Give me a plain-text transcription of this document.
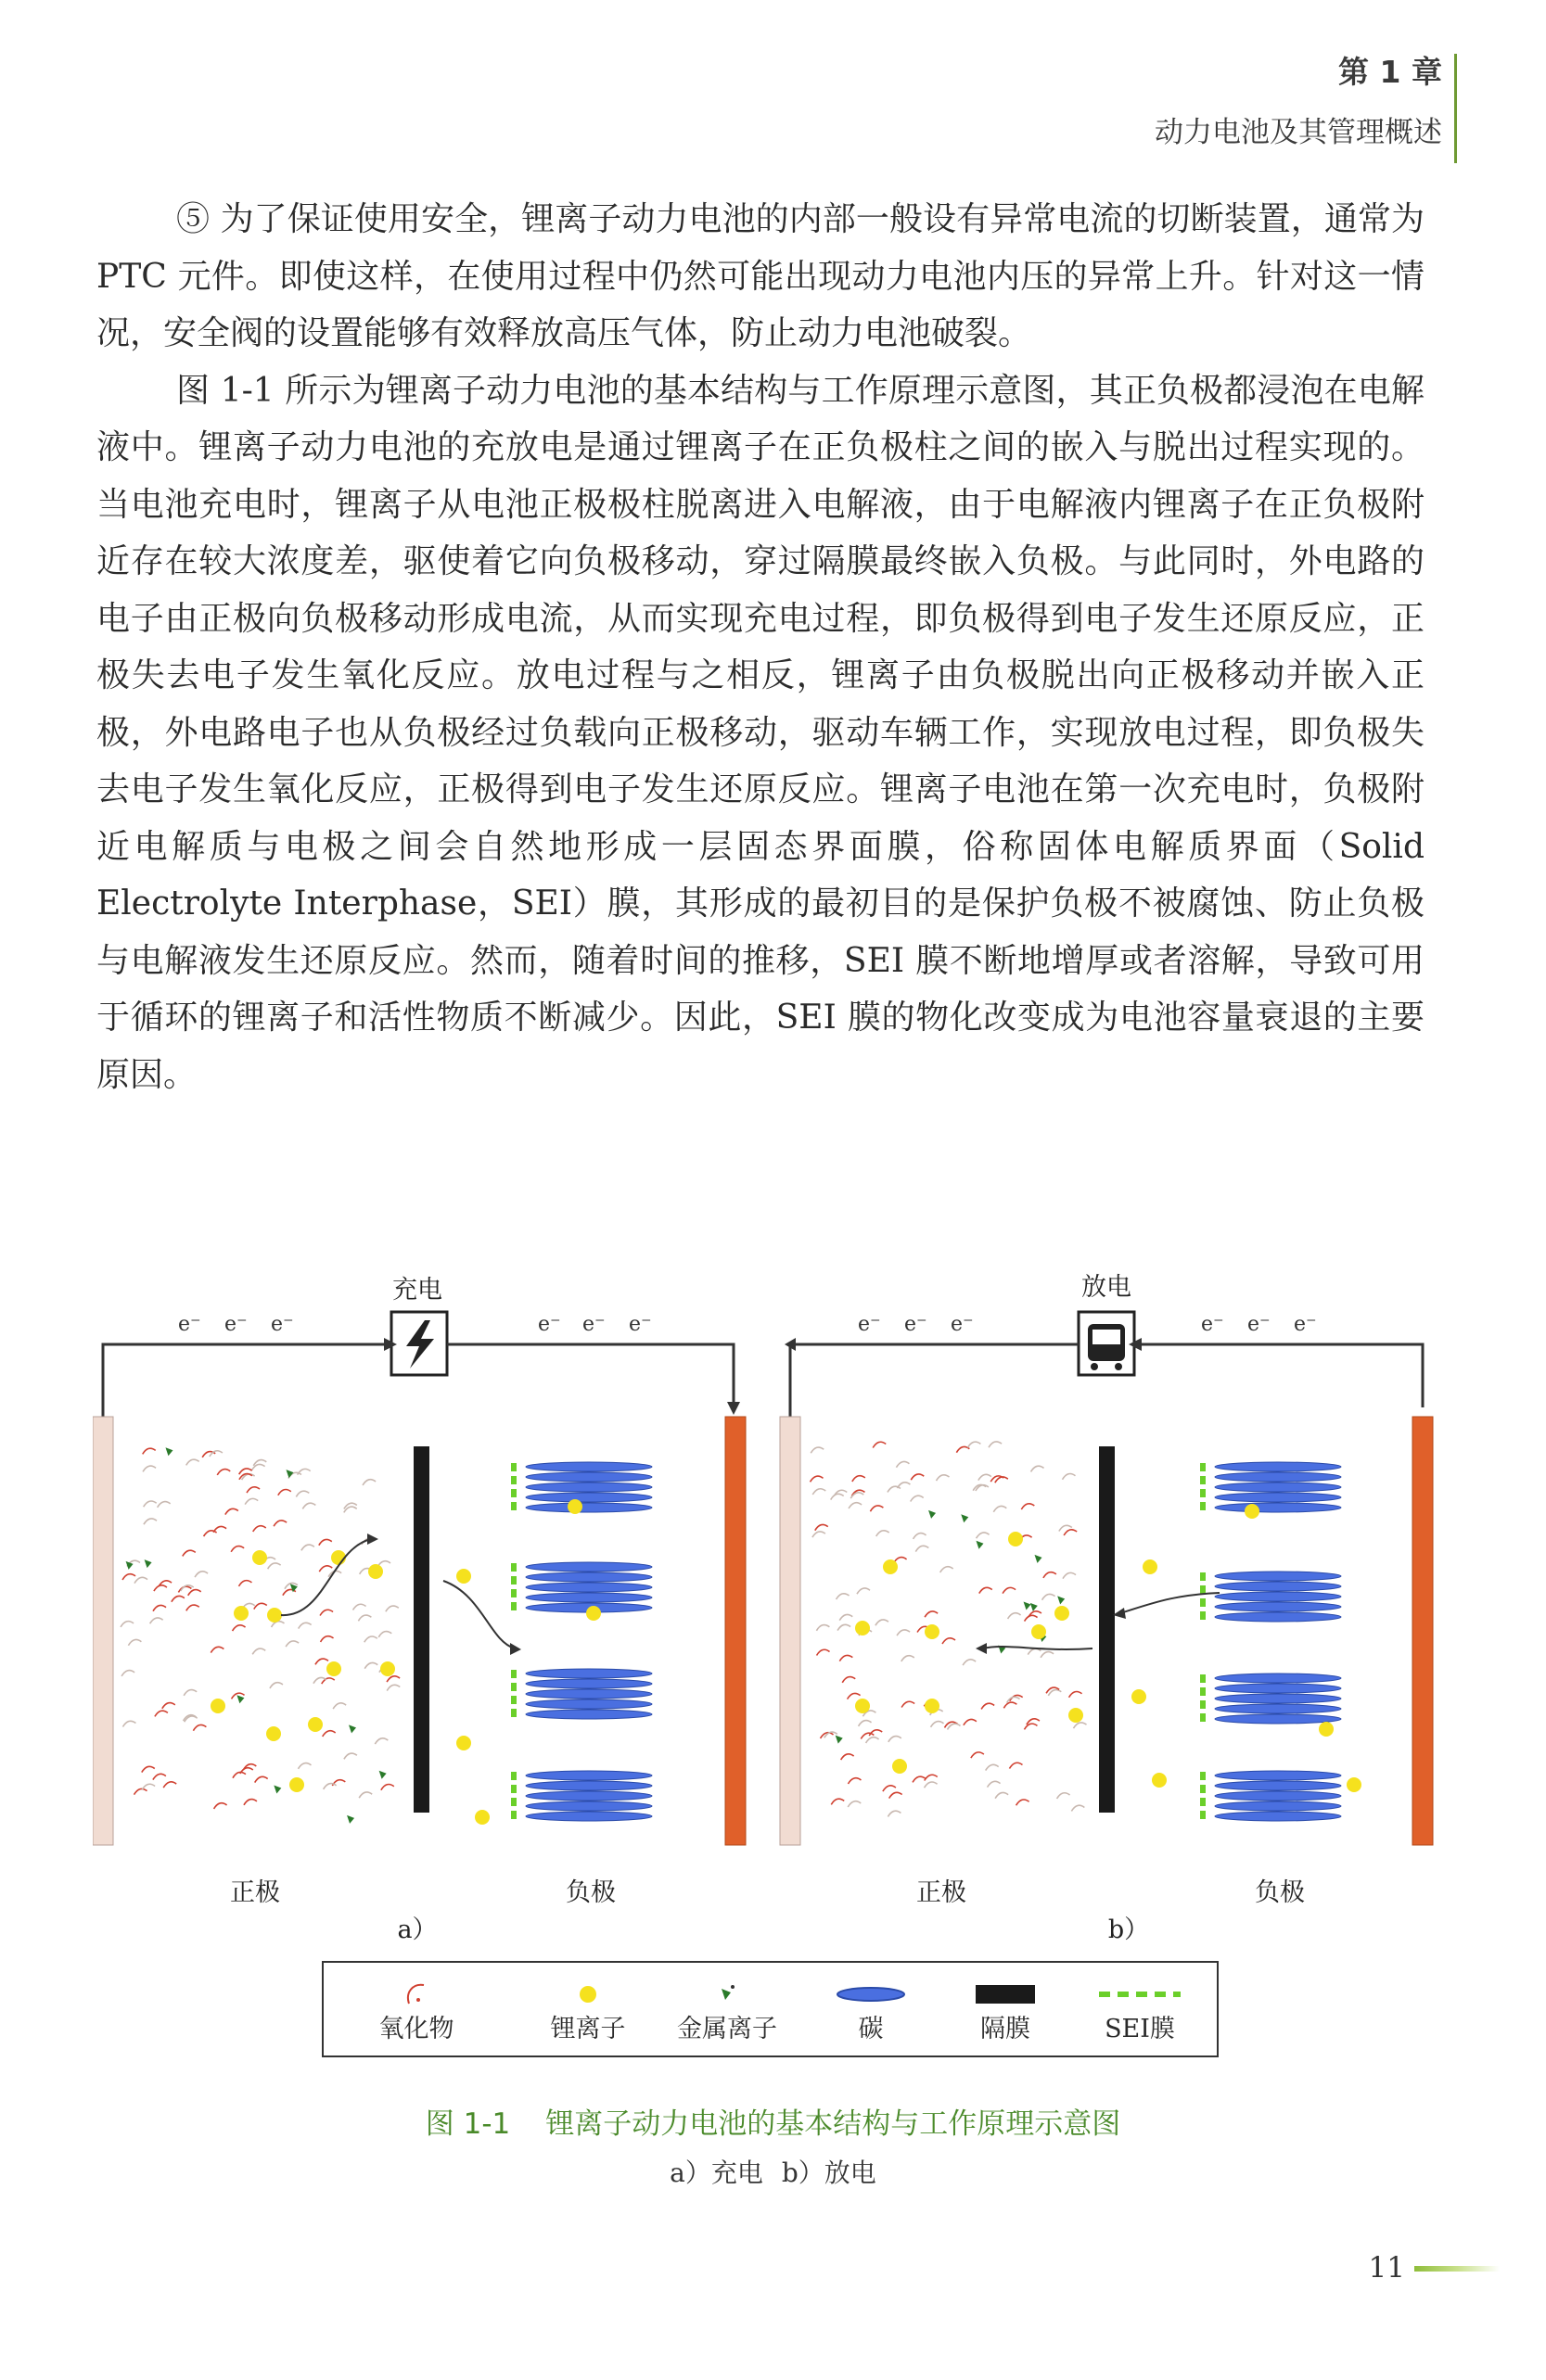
第 1 章
动力电池及其管理概述

⑤ 为了保证使用安全，锂离子动力电池的内部一般设有异常电流的切断装置，通常为 PTC 元件。即使这样，在使用过程中仍然可能出现动力电池内压的异常上升。针对这一情况，安全阀的设置能够有效释放高压气体，防止动力电池破裂。

图 1-1 所示为锂离子动力电池的基本结构与工作原理示意图，其正负极都浸泡在电解液中。锂离子动力电池的充放电是通过锂离子在正负极柱之间的嵌入与脱出过程实现的。当电池充电时，锂离子从电池正极极柱脱离进入电解液，由于电解液内锂离子在正负极附近存在较大浓度差，驱使着它向负极移动，穿过隔膜最终嵌入负极。与此同时，外电路的电子由正极向负极移动形成电流，从而实现充电过程，即负极得到电子发生还原反应，正极失去电子发生氧化反应。放电过程与之相反，锂离子由负极脱出向正极移动并嵌入正极，外电路电子也从负极经过负载向正极移动，驱动车辆工作，实现放电过程，即负极失去电子发生氧化反应，正极得到电子发生还原反应。锂离子电池在第一次充电时，负极附近电解质与电极之间会自然地形成一层固态界面膜，俗称固体电解质界面（Solid Electrolyte Interphase，SEI）膜，其形成的最初目的是保护负极不被腐蚀、防止负极与电解液发生还原反应。然而，随着时间的推移，SEI 膜不断地增厚或者溶解，导致可用于循环的锂离子和活性物质不断减少。因此，SEI 膜的物化改变成为电池容量衰退的主要原因。

充电
e⁻ e⁻ e⁻	e⁻ e⁻ e⁻
正极	负极
a）
放电
e⁻ e⁻ e⁻	e⁻ e⁻ e⁻
正极	负极
b）
氧化物	锂离子	金属离子	碳	隔膜	SEI膜
图 1-1 锂离子动力电池的基本结构与工作原理示意图
a）充电 b）放电
11
